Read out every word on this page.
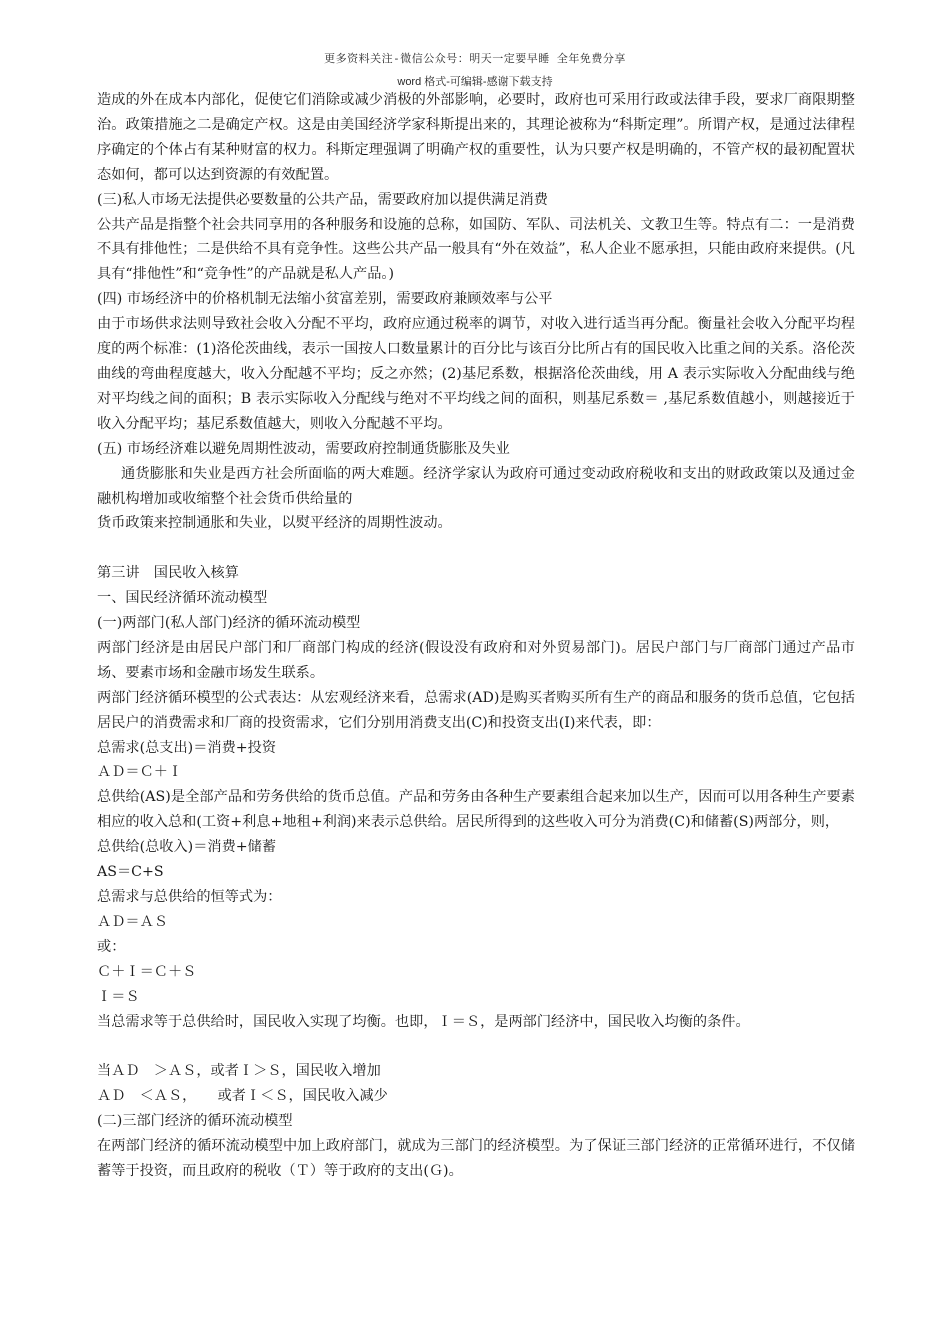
更多资料关注-微信公众号：明天一定要早睡 全年免费分享
word 格式-可编辑-感谢下载支持

造成的外在成本内部化，促使它们消除或减少消极的外部影响，必要时，政府也可采用行政或法律手段，要求厂商限期整治。政策措施之二是确定产权。这是由美国经济学家科斯提出来的，其理论被称为“科斯定理”。所谓产权，是通过法律程序确定的个体占有某种财富的权力。科斯定理强调了明确产权的重要性，认为只要产权是明确的，不管产权的最初配置状态如何，都可以达到资源的有效配置。

(三)私人市场无法提供必要数量的公共产品，需要政府加以提供满足消费

公共产品是指整个社会共同享用的各种服务和设施的总称，如国防、军队、司法机关、文教卫生等。特点有二：一是消费不具有排他性；二是供给不具有竞争性。这些公共产品一般具有“外在效益”，私人企业不愿承担，只能由政府来提供。(凡具有“排他性”和“竞争性”的产品就是私人产品。)

(四) 市场经济中的价格机制无法缩小贫富差别，需要政府兼顾效率与公平

由于市场供求法则导致社会收入分配不平均，政府应通过税率的调节，对收入进行适当再分配。衡量社会收入分配平均程度的两个标准：(1)洛伦茨曲线，表示一国按人口数量累计的百分比与该百分比所占有的国民收入比重之间的关系。洛伦茨曲线的弯曲程度越大，收入分配越不平均；反之亦然；(2)基尼系数，根据洛伦茨曲线，用 A 表示实际收入分配曲线与绝对平均线之间的面积；B 表示实际收入分配线与绝对不平均线之间的面积，则基尼系数＝ ,基尼系数值越小，则越接近于收入分配平均；基尼系数值越大，则收入分配越不平均。

(五) 市场经济难以避免周期性波动，需要政府控制通货膨胀及失业

通货膨胀和失业是西方社会所面临的两大难题。经济学家认为政府可通过变动政府税收和支出的财政政策以及通过金融机构增加或收缩整个社会货币供给量的

货币政策来控制通胀和失业，以熨平经济的周期性波动。

第三讲　国民收入核算

一、国民经济循环流动模型

(一)两部门(私人部门)经济的循环流动模型

两部门经济是由居民户部门和厂商部门构成的经济(假设没有政府和对外贸易部门)。居民户部门与厂商部门通过产品市场、要素市场和金融市场发生联系。

两部门经济循环模型的公式表达：从宏观经济来看，总需求(AD)是购买者购买所有生产的商品和服务的货币总值，它包括居民户的消费需求和厂商的投资需求，它们分别用消费支出(C)和投资支出(I)来代表，即：

总需求(总支出)＝消费+投资

ＡＤ＝Ｃ＋Ｉ

总供给(AS)是全部产品和劳务供给的货币总值。产品和劳务由各种生产要素组合起来加以生产，因而可以用各种生产要素相应的收入总和(工资+利息+地租+利润)来表示总供给。居民所得到的这些收入可分为消费(C)和储蓄(S)两部分，则，

总供给(总收入)＝消费+储蓄

AS＝C+S

总需求与总供给的恒等式为：

ＡＤ＝ＡＳ

或：

Ｃ＋Ｉ＝Ｃ＋Ｓ

Ｉ＝Ｓ

当总需求等于总供给时，国民收入实现了均衡。也即，Ｉ＝Ｓ，是两部门经济中，国民收入均衡的条件。

当ＡＤ　＞ＡＳ，或者Ｉ＞Ｓ，国民收入增加

ＡＤ　＜ＡＳ，　　或者Ｉ＜Ｓ，国民收入减少

(二)三部门经济的循环流动模型

在两部门经济的循环流动模型中加上政府部门，就成为三部门的经济模型。为了保证三部门经济的正常循环进行，不仅储蓄等于投资，而且政府的税收（Ｔ）等于政府的支出(Ｇ)。
